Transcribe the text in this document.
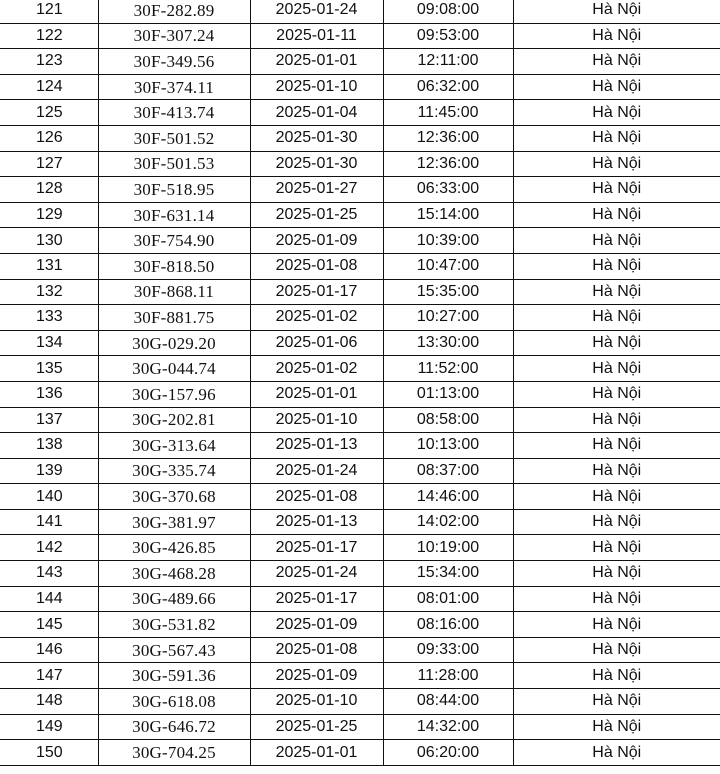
121	30F-282.89	2025-01-24	09:08:00	Hà Nội
122	30F-307.24	2025-01-11	09:53:00	Hà Nội
123	30F-349.56	2025-01-01	12:11:00	Hà Nội
124	30F-374.11	2025-01-10	06:32:00	Hà Nội
125	30F-413.74	2025-01-04	11:45:00	Hà Nội
126	30F-501.52	2025-01-30	12:36:00	Hà Nội
127	30F-501.53	2025-01-30	12:36:00	Hà Nội
128	30F-518.95	2025-01-27	06:33:00	Hà Nội
129	30F-631.14	2025-01-25	15:14:00	Hà Nội
130	30F-754.90	2025-01-09	10:39:00	Hà Nội
131	30F-818.50	2025-01-08	10:47:00	Hà Nội
132	30F-868.11	2025-01-17	15:35:00	Hà Nội
133	30F-881.75	2025-01-02	10:27:00	Hà Nội
134	30G-029.20	2025-01-06	13:30:00	Hà Nội
135	30G-044.74	2025-01-02	11:52:00	Hà Nội
136	30G-157.96	2025-01-01	01:13:00	Hà Nội
137	30G-202.81	2025-01-10	08:58:00	Hà Nội
138	30G-313.64	2025-01-13	10:13:00	Hà Nội
139	30G-335.74	2025-01-24	08:37:00	Hà Nội
140	30G-370.68	2025-01-08	14:46:00	Hà Nội
141	30G-381.97	2025-01-13	14:02:00	Hà Nội
142	30G-426.85	2025-01-17	10:19:00	Hà Nội
143	30G-468.28	2025-01-24	15:34:00	Hà Nội
144	30G-489.66	2025-01-17	08:01:00	Hà Nội
145	30G-531.82	2025-01-09	08:16:00	Hà Nội
146	30G-567.43	2025-01-08	09:33:00	Hà Nội
147	30G-591.36	2025-01-09	11:28:00	Hà Nội
148	30G-618.08	2025-01-10	08:44:00	Hà Nội
149	30G-646.72	2025-01-25	14:32:00	Hà Nội
150	30G-704.25	2025-01-01	06:20:00	Hà Nội
